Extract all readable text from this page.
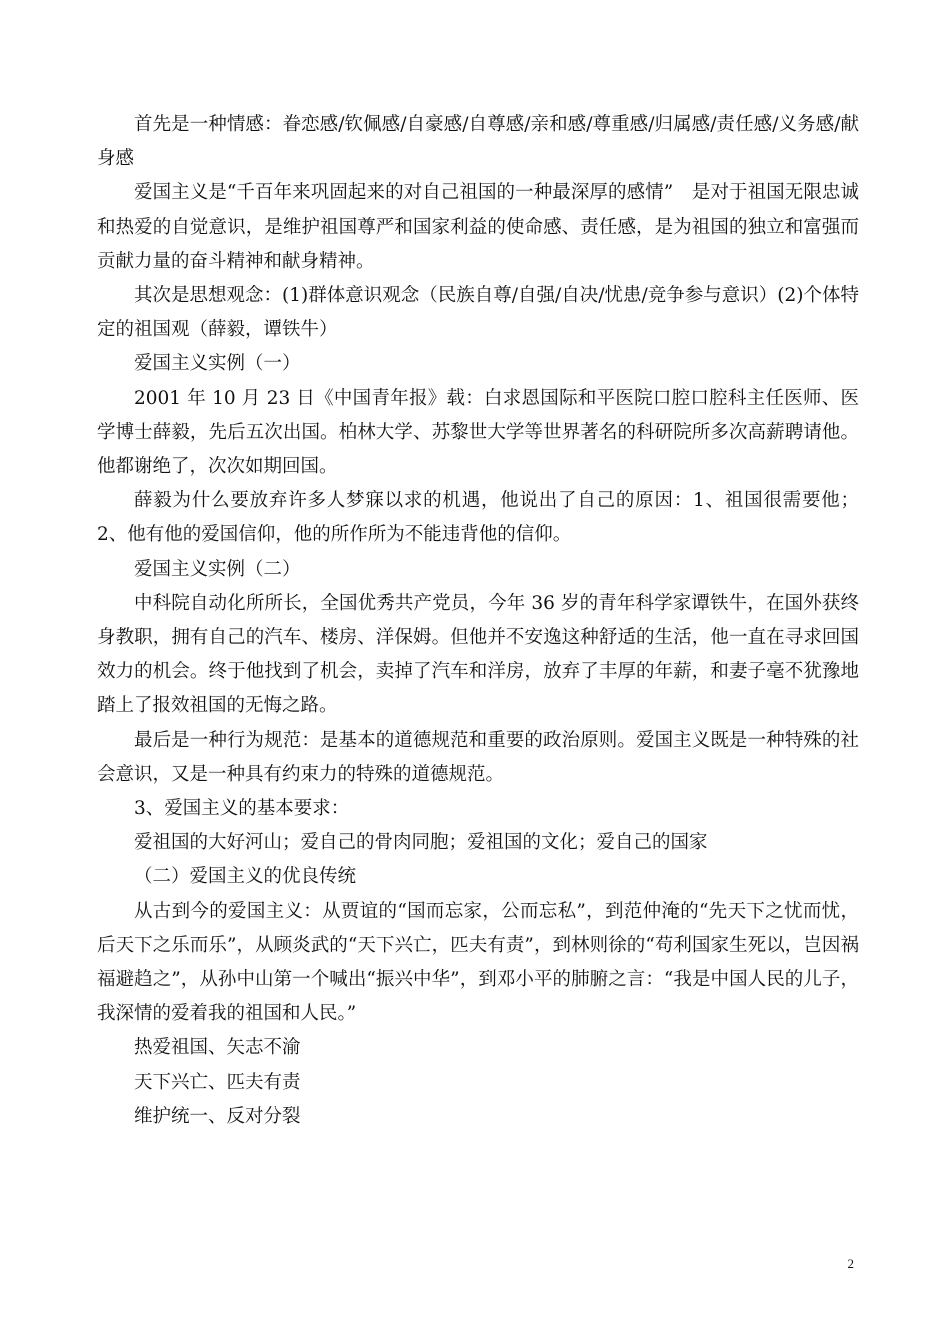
首先是一种情感：眷恋感/钦佩感/自豪感/自尊感/亲和感/尊重感/归属感/责任感/义务感/献身感

爱国主义是“千百年来巩固起来的对自己祖国的一种最深厚的感情”　是对于祖国无限忠诚和热爱的自觉意识，是维护祖国尊严和国家利益的使命感、责任感，是为祖国的独立和富强而贡献力量的奋斗精神和献身精神。

其次是思想观念：(1)群体意识观念（民族自尊/自强/自决/忧患/竞争参与意识）(2)个体特定的祖国观（薛毅，谭铁牛）

爱国主义实例（一）

2001 年 10 月 23 日《中国青年报》载：白求恩国际和平医院口腔口腔科主任医师、医学博士薛毅，先后五次出国。柏林大学、苏黎世大学等世界著名的科研院所多次高薪聘请他。他都谢绝了，次次如期回国。

薛毅为什么要放弃许多人梦寐以求的机遇，他说出了自己的原因：1、祖国很需要他；2、他有他的爱国信仰，他的所作所为不能违背他的信仰。

爱国主义实例（二）

中科院自动化所所长，全国优秀共产党员，今年 36 岁的青年科学家谭铁牛，在国外获终身教职，拥有自己的汽车、楼房、洋保姆。但他并不安逸这种舒适的生活，他一直在寻求回国效力的机会。终于他找到了机会，卖掉了汽车和洋房，放弃了丰厚的年薪，和妻子毫不犹豫地踏上了报效祖国的无悔之路。

最后是一种行为规范：是基本的道德规范和重要的政治原则。爱国主义既是一种特殊的社会意识，又是一种具有约束力的特殊的道德规范。

3、爱国主义的基本要求：

爱祖国的大好河山；爱自己的骨肉同胞；爱祖国的文化；爱自己的国家

（二）爱国主义的优良传统

从古到今的爱国主义：从贾谊的“国而忘家，公而忘私”，到范仲淹的“先天下之忧而忧，后天下之乐而乐”，从顾炎武的“天下兴亡，匹夫有责”，到林则徐的“苟利国家生死以，岂因祸福避趋之”，从孙中山第一个喊出“振兴中华”，到邓小平的肺腑之言：“我是中国人民的儿子，我深情的爱着我的祖国和人民。”

热爱祖国、矢志不渝

天下兴亡、匹夫有责

维护统一、反对分裂

2
